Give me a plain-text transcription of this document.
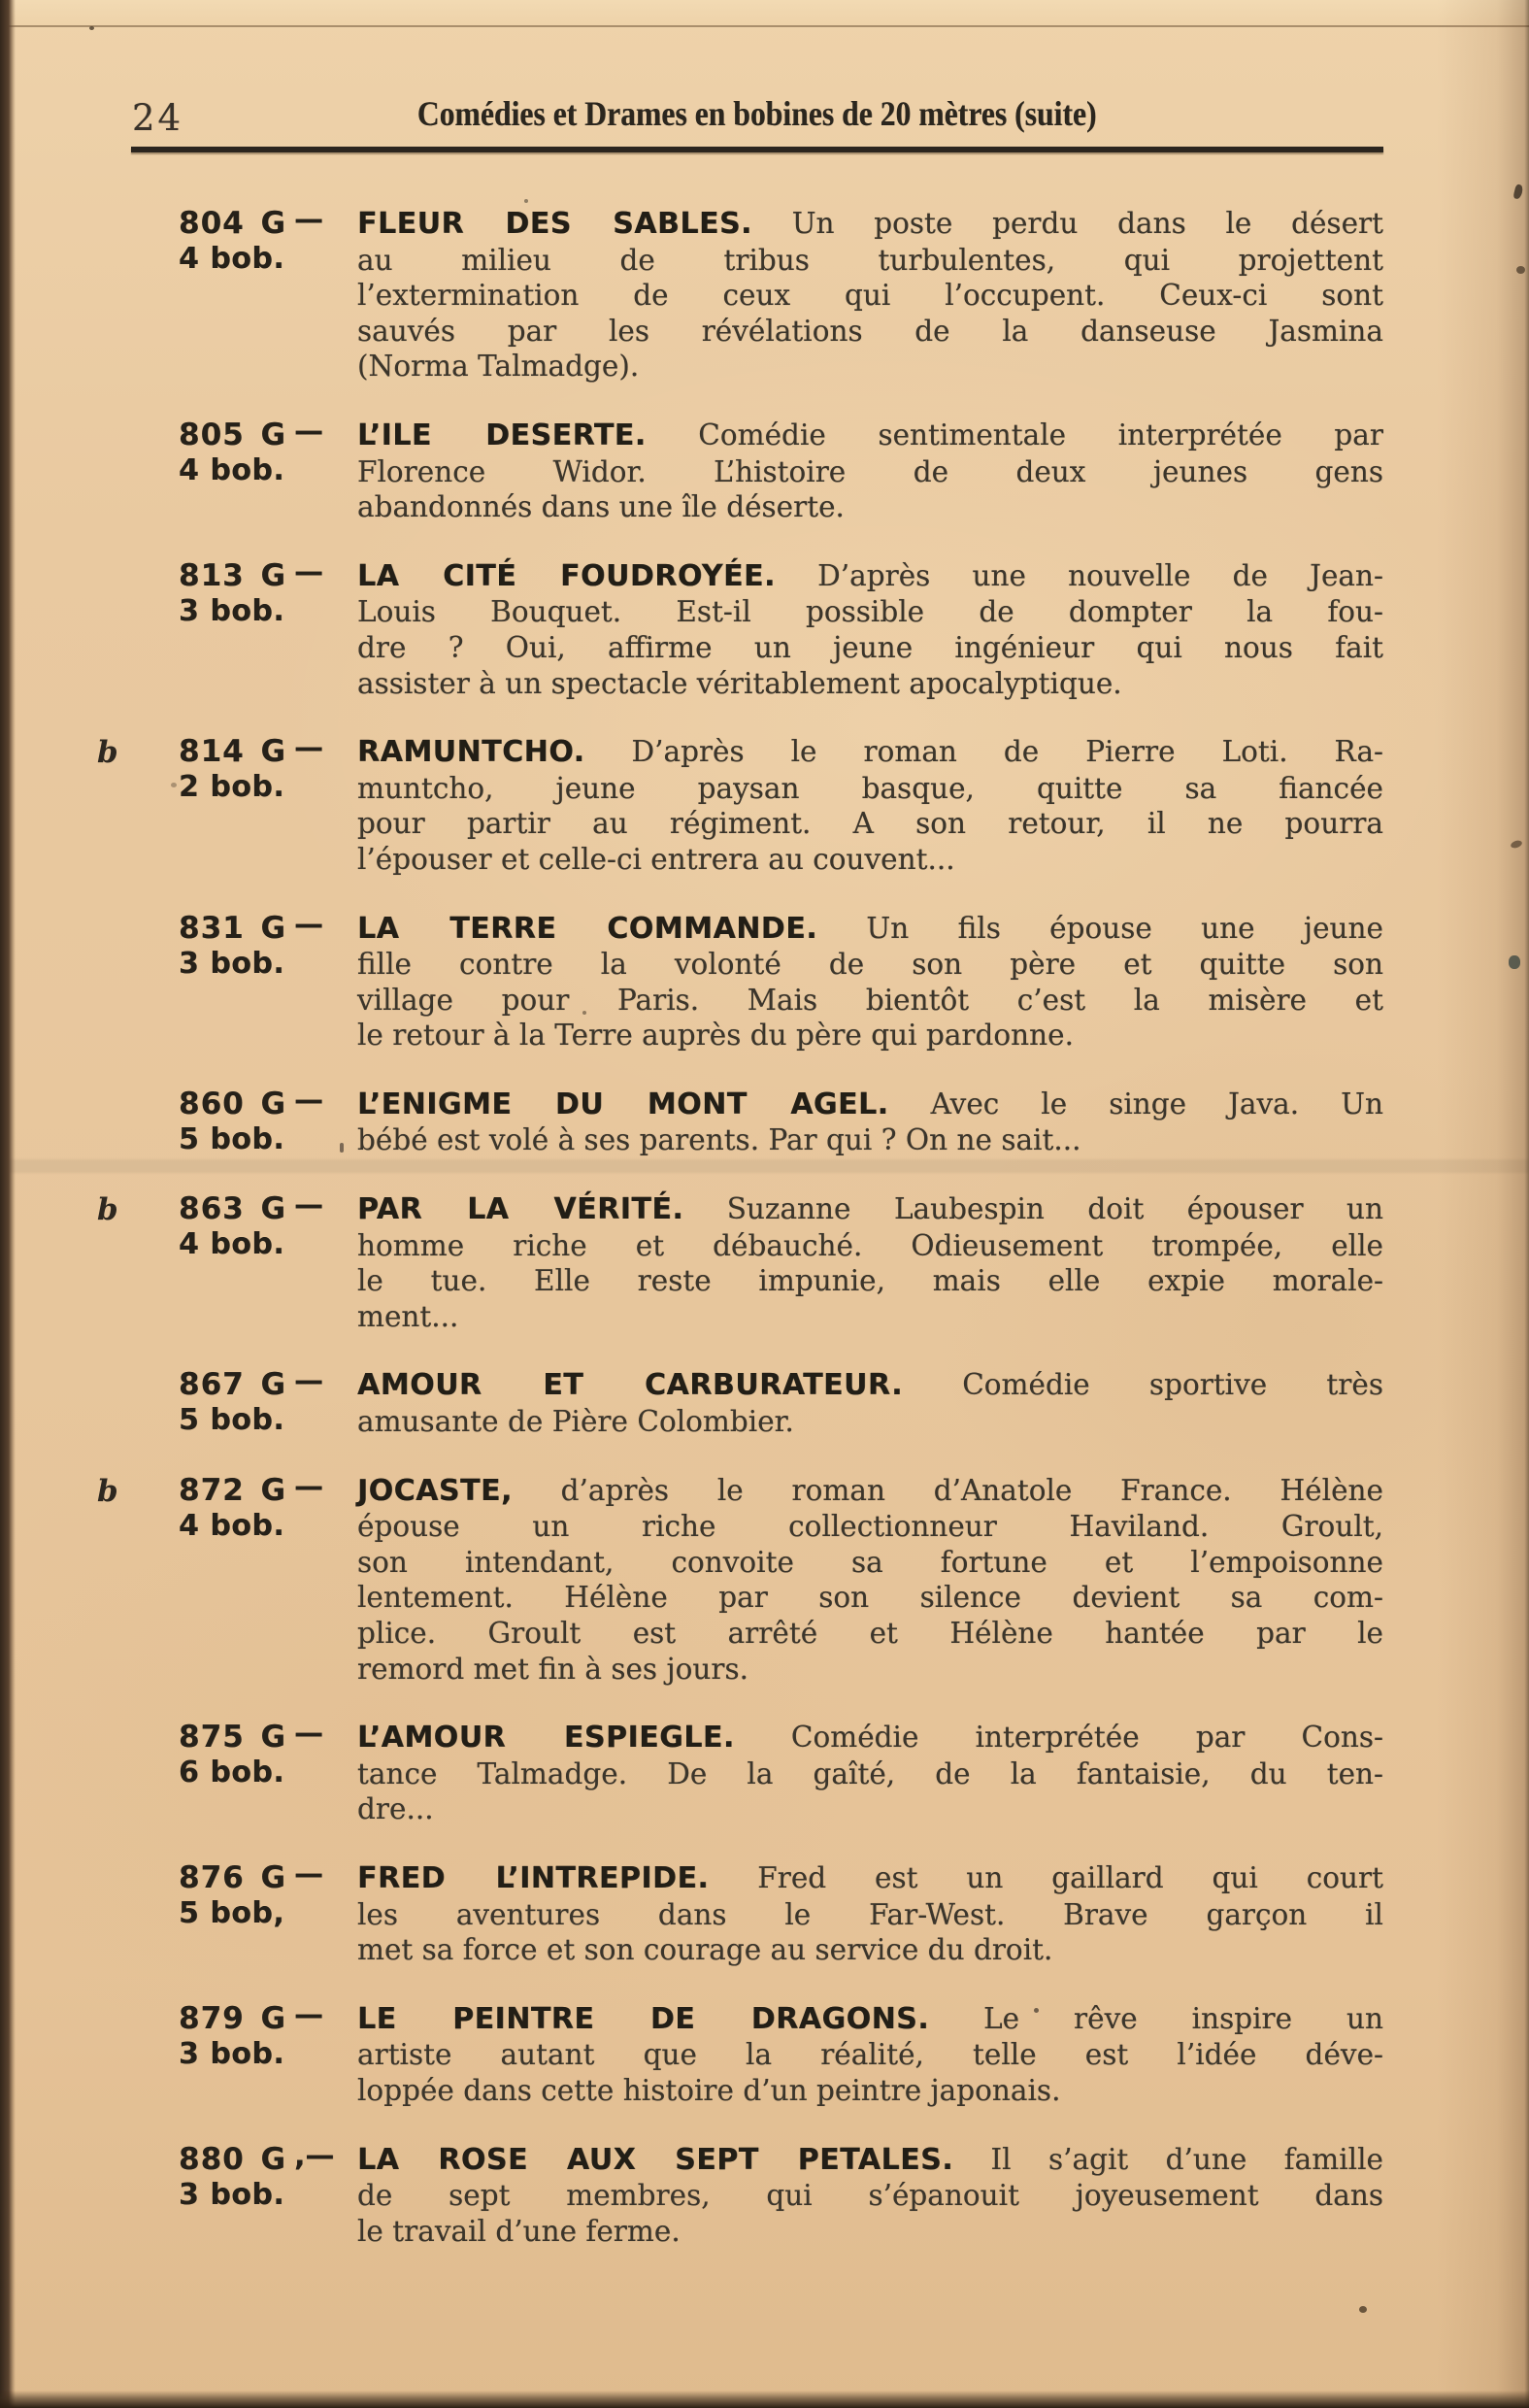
24	Comédies et Drames en bobines de 20 mètres (suite)
804 G
4 bob.
— FLEUR DES SABLES. Un poste perdu dans le désert
au milieu de tribus turbulentes, qui projettent
l’extermination de ceux qui l’occupent. Ceux-ci sont
sauvés par les révélations de la danseuse Jasmina
(Norma Talmadge).
805 G
4 bob.
— L’ILE DESERTE. Comédie sentimentale interprétée par
Florence Widor. L’histoire de deux jeunes gens
abandonnés dans une île déserte.
813 G
3 bob.
— LA CITÉ FOUDROYÉE. D’après une nouvelle de Jean-
Louis Bouquet. Est-il possible de dompter la fou-
dre ? Oui, affirme un jeune ingénieur qui nous fait
assister à un spectacle véritablement apocalyptique.
b 814 G
2 bob.
— RAMUNTCHO. D’après le roman de Pierre Loti. Ra-
muntcho, jeune paysan basque, quitte sa fiancée
pour partir au régiment. A son retour, il ne pourra
l’épouser et celle-ci entrera au couvent...
831 G
3 bob.
— LA TERRE COMMANDE. Un fils épouse une jeune
fille contre la volonté de son père et quitte son
village pour Paris. Mais bientôt c’est la misère et
le retour à la Terre auprès du père qui pardonne.
860 G
5 bob.
— L’ENIGME DU MONT AGEL. Avec le singe Java. Un
bébé est volé à ses parents. Par qui ? On ne sait...
b 863 G
4 bob.
— PAR LA VÉRITÉ. Suzanne Laubespin doit épouser un
homme riche et débauché. Odieusement trompée, elle
le tue. Elle reste impunie, mais elle expie morale-
ment...
867 G
5 bob.
— AMOUR ET CARBURATEUR. Comédie sportive très
amusante de Pière Colombier.
b 872 G
4 bob.
— JOCASTE, d’après le roman d’Anatole France. Hélène
épouse un riche collectionneur Haviland. Groult,
son intendant, convoite sa fortune et l’empoisonne
lentement. Hélène par son silence devient sa com-
plice. Groult est arrêté et Hélène hantée par le
remord met fin à ses jours.
875 G
6 bob.
— L’AMOUR ESPIEGLE. Comédie interprétée par Cons-
tance Talmadge. De la gaîté, de la fantaisie, du ten-
dre...
876 G
5 bob,
— FRED L’INTREPIDE. Fred est un gaillard qui court
les aventures dans le Far-West. Brave garçon il
met sa force et son courage au service du droit.
879 G
3 bob.
— LE PEINTRE DE DRAGONS. Le rêve inspire un
artiste autant que la réalité, telle est l’idée déve-
loppée dans cette histoire d’un peintre japonais.
880 G
3 bob.
,— LA ROSE AUX SEPT PETALES. Il s’agit d’une famille
de sept membres, qui s’épanouit joyeusement dans
le travail d’une ferme.
